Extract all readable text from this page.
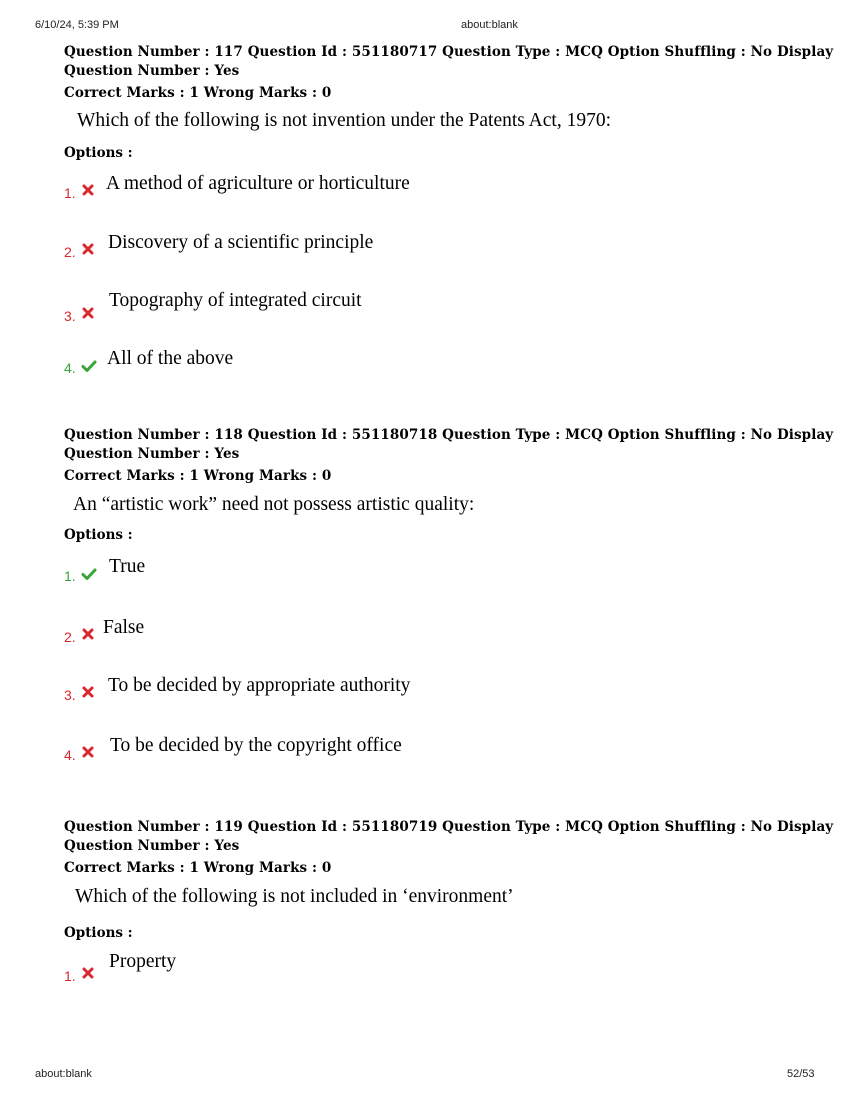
6/10/24, 5:39 PM	about:blank
Question Number : 117 Question Id : 551180717 Question Type : MCQ Option Shuffling : No Display
Question Number : Yes
Correct Marks : 1 Wrong Marks : 0
Which of the following is not invention under the Patents Act, 1970:
Options :
1. A method of agriculture or horticulture
2. Discovery of a scientific principle
3.
Topography of integrated circuit
4. All of the above
Question Number : 118 Question Id : 551180718 Question Type : MCQ Option Shuffling : No Display
Question Number : Yes
Correct Marks : 1 Wrong Marks : 0
An “artistic work” need not possess artistic quality:
Options :
1. True
2. False
3. To be decided by appropriate authority
4. To be decided by the copyright office
Question Number : 119 Question Id : 551180719 Question Type : MCQ Option Shuffling : No Display
Question Number : Yes
Correct Marks : 1 Wrong Marks : 0
Which of the following is not included in ‘environment’
Options :
1.
Property
about:blank	52/53
